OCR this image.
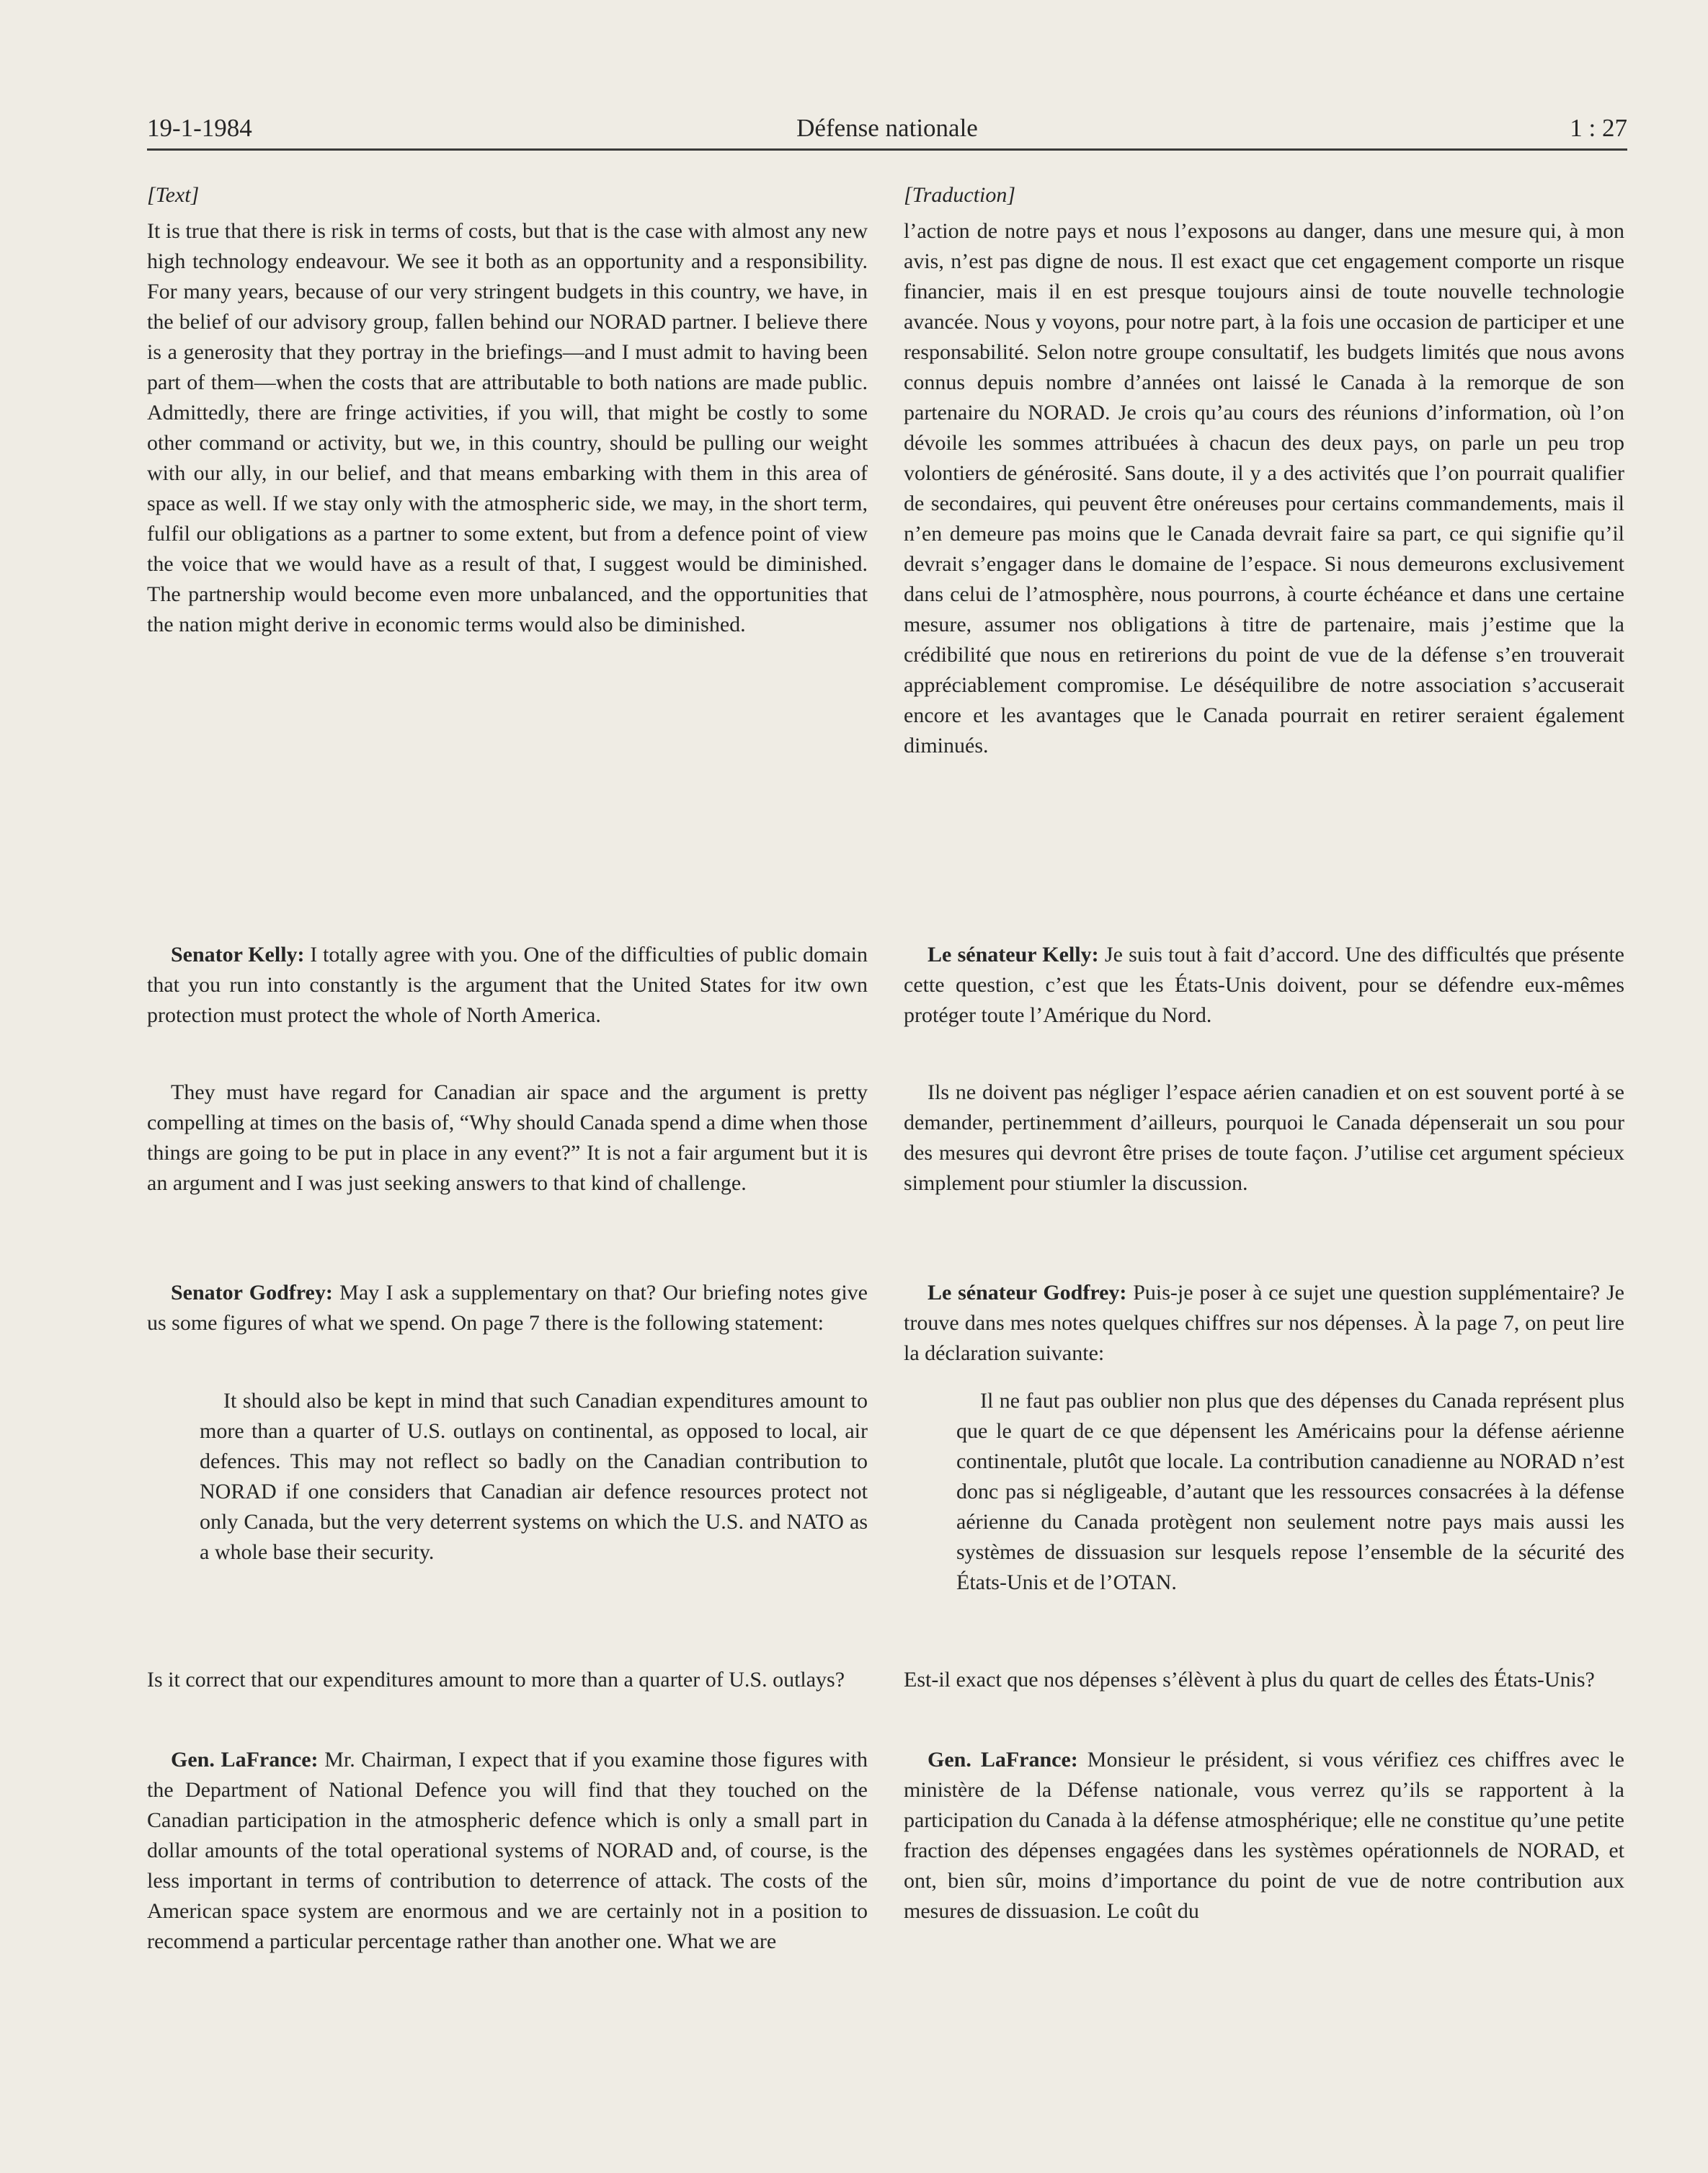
19-1-1984	Défense nationale	1 : 27

[Text]

It is true that there is risk in terms of costs, but that is the case with almost any new high technology endeavour. We see it both as an opportunity and a responsibility. For many years, because of our very stringent budgets in this country, we have, in the belief of our advisory group, fallen behind our NORAD partner. I believe there is a generosity that they portray in the briefings—and I must admit to having been part of them—when the costs that are attributable to both nations are made public. Admittedly, there are fringe activities, if you will, that might be costly to some other command or activity, but we, in this country, should be pulling our weight with our ally, in our belief, and that means embarking with them in this area of space as well. If we stay only with the atmospheric side, we may, in the short term, fulfil our obligations as a partner to some extent, but from a defence point of view the voice that we would have as a result of that, I suggest would be diminished. The partnership would become even more unbalanced, and the opportunities that the nation might derive in economic terms would also be diminished.

Senator Kelly: I totally agree with you. One of the difficulties of public domain that you run into constantly is the argument that the United States for itw own protection must protect the whole of North America.

They must have regard for Canadian air space and the argument is pretty compelling at times on the basis of, “Why should Canada spend a dime when those things are going to be put in place in any event?” It is not a fair argument but it is an argument and I was just seeking answers to that kind of challenge.

Senator Godfrey: May I ask a supplementary on that? Our briefing notes give us some figures of what we spend. On page 7 there is the following statement:

It should also be kept in mind that such Canadian expenditures amount to more than a quarter of U.S. outlays on continental, as opposed to local, air defences. This may not reflect so badly on the Canadian contribution to NORAD if one considers that Canadian air defence resources protect not only Canada, but the very deterrent systems on which the U.S. and NATO as a whole base their security.

Is it correct that our expenditures amount to more than a quarter of U.S. outlays?

Gen. LaFrance: Mr. Chairman, I expect that if you examine those figures with the Department of National Defence you will find that they touched on the Canadian participation in the atmospheric defence which is only a small part in dollar amounts of the total operational systems of NORAD and, of course, is the less important in terms of contribution to deterrence of attack. The costs of the American space system are enormous and we are certainly not in a position to recommend a particular percentage rather than another one. What we are

[Traduction]

l’action de notre pays et nous l’exposons au danger, dans une mesure qui, à mon avis, n’est pas digne de nous. Il est exact que cet engagement comporte un risque financier, mais il en est presque toujours ainsi de toute nouvelle technologie avancée. Nous y voyons, pour notre part, à la fois une occasion de participer et une responsabilité. Selon notre groupe consultatif, les budgets limités que nous avons connus depuis nombre d’années ont laissé le Canada à la remorque de son partenaire du NORAD. Je crois qu’au cours des réunions d’information, où l’on dévoile les sommes attribuées à chacun des deux pays, on parle un peu trop volontiers de générosité. Sans doute, il y a des activités que l’on pourrait qualifier de secondaires, qui peuvent être onéreuses pour certains commandements, mais il n’en demeure pas moins que le Canada devrait faire sa part, ce qui signifie qu’il devrait s’engager dans le domaine de l’espace. Si nous demeurons exclusivement dans celui de l’atmosphère, nous pourrons, à courte échéance et dans une certaine mesure, assumer nos obligations à titre de partenaire, mais j’estime que la crédibilité que nous en retirerions du point de vue de la défense s’en trouverait appréciablement compromise. Le déséquilibre de notre association s’accuserait encore et les avantages que le Canada pourrait en retirer seraient également diminués.

Le sénateur Kelly: Je suis tout à fait d’accord. Une des difficultés que présente cette question, c’est que les États-Unis doivent, pour se défendre eux-mêmes protéger toute l’Amérique du Nord.

Ils ne doivent pas négliger l’espace aérien canadien et on est souvent porté à se demander, pertinemment d’ailleurs, pourquoi le Canada dépenserait un sou pour des mesures qui devront être prises de toute façon. J’utilise cet argument spécieux simplement pour stiumler la discussion.

Le sénateur Godfrey: Puis-je poser à ce sujet une question supplémentaire? Je trouve dans mes notes quelques chiffres sur nos dépenses. À la page 7, on peut lire la déclaration suivante:

Il ne faut pas oublier non plus que des dépenses du Canada représent plus que le quart de ce que dépensent les Américains pour la défense aérienne continentale, plutôt que locale. La contribution canadienne au NORAD n’est donc pas si négligeable, d’autant que les ressources consacrées à la défense aérienne du Canada protègent non seulement notre pays mais aussi les systèmes de dissuasion sur lesquels repose l’ensemble de la sécurité des États-Unis et de l’OTAN.

Est-il exact que nos dépenses s’élèvent à plus du quart de celles des États-Unis?

Gen. LaFrance: Monsieur le président, si vous vérifiez ces chiffres avec le ministère de la Défense nationale, vous verrez qu’ils se rapportent à la participation du Canada à la défense atmosphérique; elle ne constitue qu’une petite fraction des dépenses engagées dans les systèmes opérationnels de NORAD, et ont, bien sûr, moins d’importance du point de vue de notre contribution aux mesures de dissuasion. Le coût du
